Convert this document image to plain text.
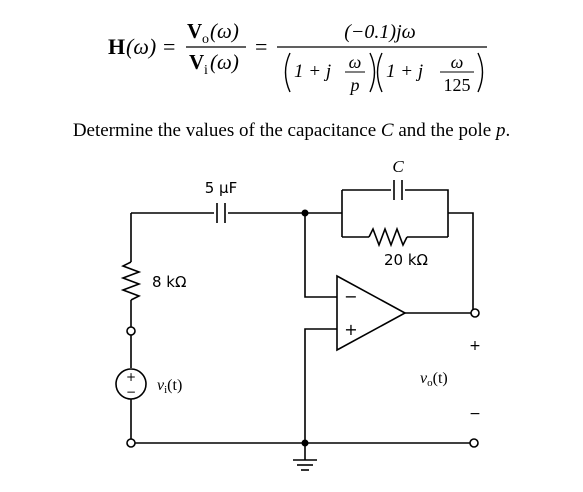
H (ω) =
V o (ω)
V i (ω)
=
(−0.1)jω
1 + j ω
p
1 + j ω
125
Determine the values of the capacitance C and the pole p.
5 μF
C
20 kΩ
8 kΩ
−
+
+
− vi(t)
+
−
vo(t)
